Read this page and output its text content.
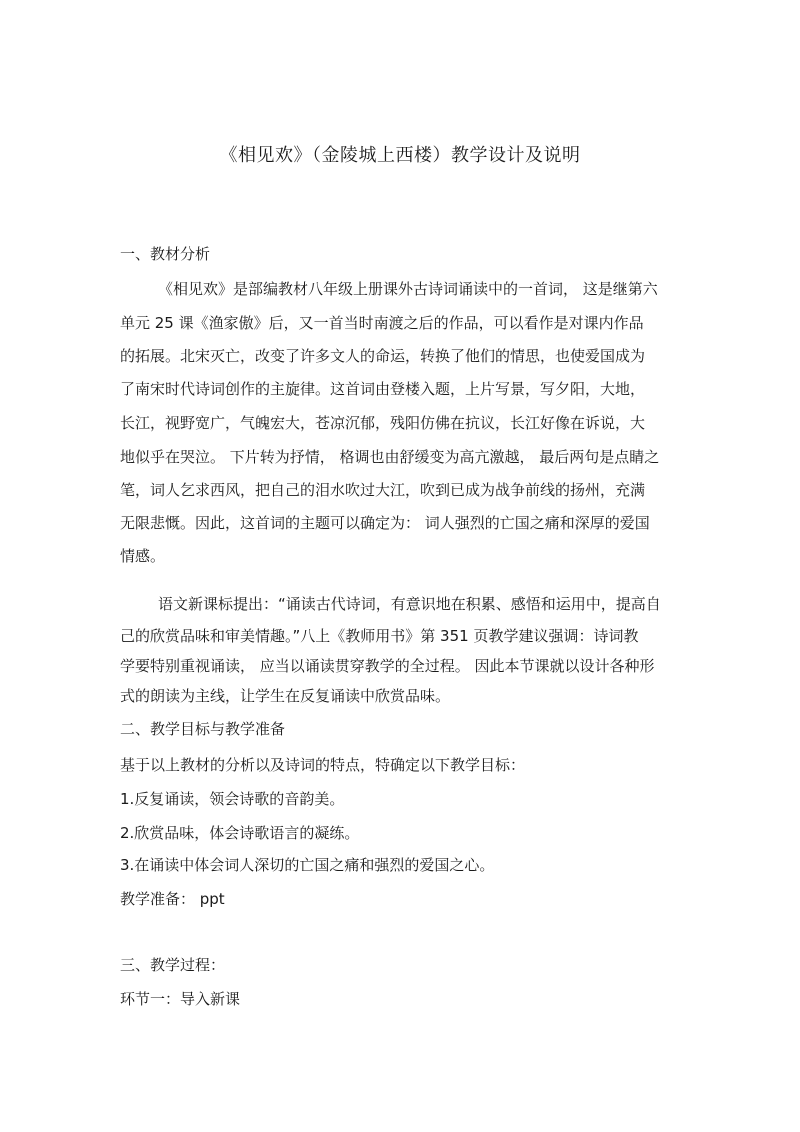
《相见欢》（金陵城上西楼）教学设计及说明
一、教材分析
《相见欢》是部编教材八年级上册课外古诗词诵读中的一首词， 这是继第六
单元 25 课《渔家傲》后，又一首当时南渡之后的作品，可以看作是对课内作品
的拓展。北宋灭亡，改变了许多文人的命运，转换了他们的情思，也使爱国成为
了南宋时代诗词创作的主旋律。这首词由登楼入题，上片写景，写夕阳，大地，
长江，视野宽广，气魄宏大，苍凉沉郁，残阳仿佛在抗议，长江好像在诉说，大
地似乎在哭泣。 下片转为抒情， 格调也由舒缓变为高亢激越， 最后两句是点睛之
笔，词人乞求西风，把自己的泪水吹过大江，吹到已成为战争前线的扬州，充满
无限悲慨。因此，这首词的主题可以确定为： 词人强烈的亡国之痛和深厚的爱国
情感。
语文新课标提出：“诵读古代诗词，有意识地在积累、感悟和运用中，提高自
己的欣赏品味和审美情趣。”八上《教师用书》第 351 页教学建议强调：诗词教
学要特别重视诵读， 应当以诵读贯穿教学的全过程。 因此本节课就以设计各种形
式的朗读为主线，让学生在反复诵读中欣赏品味。
二、教学目标与教学准备
基于以上教材的分析以及诗词的特点，特确定以下教学目标：
1.反复诵读，领会诗歌的音韵美。
2.欣赏品味，体会诗歌语言的凝练。
3.在诵读中体会词人深切的亡国之痛和强烈的爱国之心。
教学准备： ppt
三、教学过程：
环节一：导入新课
